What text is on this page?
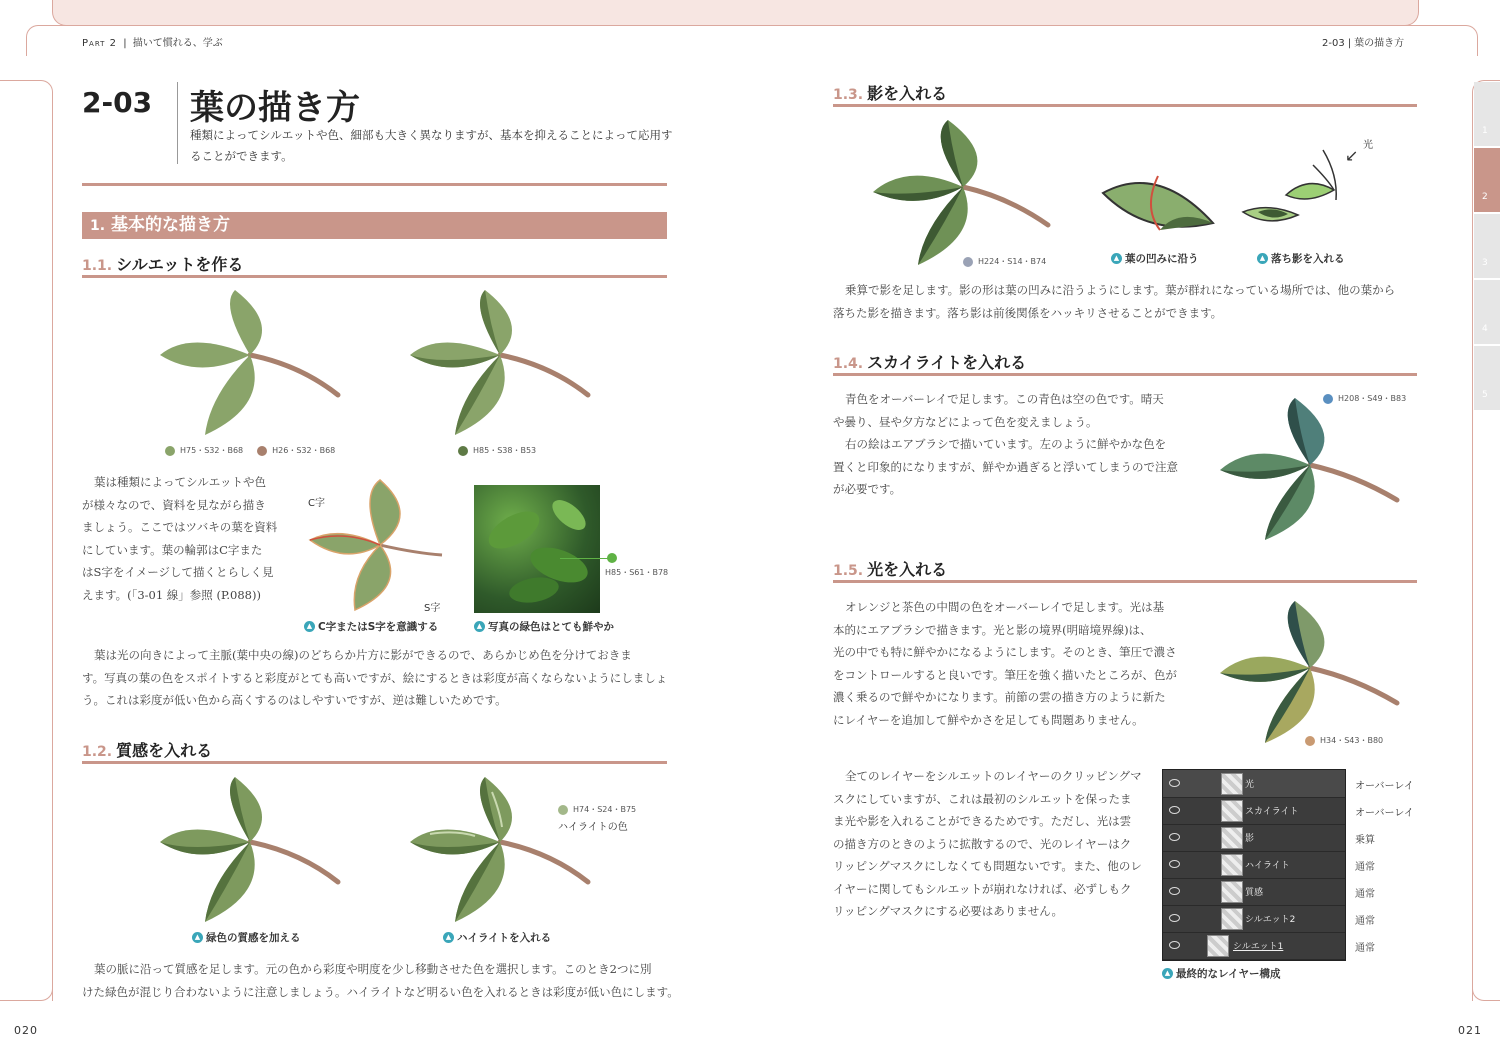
Part 2 | 描いて慣れる、学ぶ	2-03 | 葉の描き方
2-03 葉の描き方
種類によってシルエットや色、細部も大きく異なりますが、基本を抑えることによって応用す
ることができます。
1. 基本的な描き方
1.1. シルエットを作る
H75・S32・B68	H26・S32・B68	H85・S38・B53
葉は種類によってシルエットや色
が様々なので、資料を見ながら描き
ましょう。ここではツバキの葉を資料
にしています。葉の輪郭はC字また
はS字をイメージして描くとらしく見
えます。(「3-01 線」参照 (P.088))
C字
S字
▲ C字またはS字を意識する
H85・S61・B78
▲ 写真の緑色はとても鮮やか
葉は光の向きによって主脈(葉中央の線)のどちらか片方に影ができるので、あらかじめ色を分けておきま
す。写真の葉の色をスポイトすると彩度がとても高いですが、絵にするときは彩度が高くならないようにしましょ
う。これは彩度が低い色から高くするのはしやすいですが、逆は難しいためです。
1.2. 質感を入れる
H74・S24・B75
ハイライトの色
▲ 緑色の質感を加える	▲ ハイライトを入れる
葉の脈に沿って質感を足します。元の色から彩度や明度を少し移動させた色を選択します。このとき2つに別
けた緑色が混じり合わないように注意しましょう。ハイライトなど明るい色を入れるときは彩度が低い色にします。
020
1.3. 影を入れる
H224・S14・B74	▲ 葉の凹みに沿う
↙
光
▲ 落ち影を入れる
乗算で影を足します。影の形は葉の凹みに沿うようにします。葉が群れになっている場所では、他の葉から
落ちた影を描きます。落ち影は前後関係をハッキリさせることができます。
1.4. スカイライトを入れる
青色をオーバーレイで足します。この青色は空の色です。晴天
や曇り、昼や夕方などによって色を変えましょう。
右の絵はエアブラシで描いています。左のように鮮やかな色を
置くと印象的になりますが、鮮やか過ぎると浮いてしまうので注意
が必要です。
H208・S49・B83
1.5. 光を入れる
オレンジと茶色の中間の色をオーバーレイで足します。光は基
本的にエアブラシで描きます。光と影の境界(明暗境界線)は、
光の中でも特に鮮やかになるようにします。そのとき、筆圧で濃さ
をコントロールすると良いです。筆圧を強く描いたところが、色が
濃く乗るので鮮やかになります。前節の雲の描き方のように新た
にレイヤーを追加して鮮やかさを足しても問題ありません。
H34・S43・B80
全てのレイヤーをシルエットのレイヤーのクリッピングマ
スクにしていますが、これは最初のシルエットを保ったま
ま光や影を入れることができるためです。ただし、光は雲
の描き方のときのように拡散するので、光のレイヤーはク
リッピングマスクにしなくても問題ないです。また、他のレ
イヤーに関してもシルエットが崩れなければ、必ずしもク
リッピングマスクにする必要はありません。
光	オーバーレイ
スカイライト	オーバーレイ
影	乗算
ハイライト	通常
質感	通常
シルエット2	通常
シルエット1	通常
▲ 最終的なレイヤー構成
1
2
3
4
5
021
